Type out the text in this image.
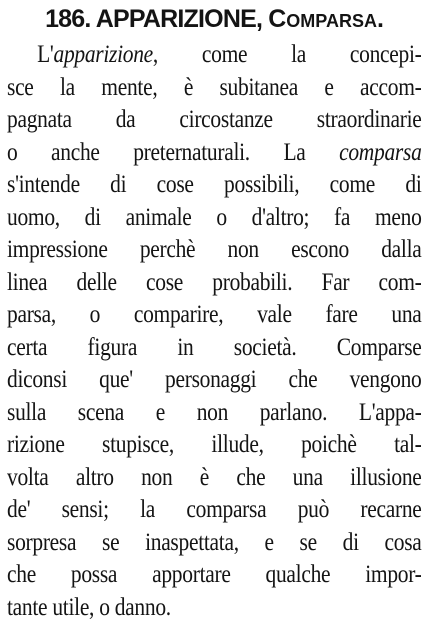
186. APPARIZIONE, Comparsa.
L'apparizione, come la concepi-
sce la mente, è subitanea e accom-
pagnata da circostanze straordinarie
o anche preternaturali. La comparsa
s'intende di cose possibili, come di
uomo, di animale o d'altro; fa meno
impressione perchè non escono dalla
linea delle cose probabili. Far com-
parsa, o comparire, vale fare una
certa figura in società. Comparse
diconsi que' personaggi che vengono
sulla scena e non parlano. L'appa-
rizione stupisce, illude, poichè tal-
volta altro non è che una illusione
de' sensi; la comparsa può recarne
sorpresa se inaspettata, e se di cosa
che possa apportare qualche impor-
tante utile, o danno.
